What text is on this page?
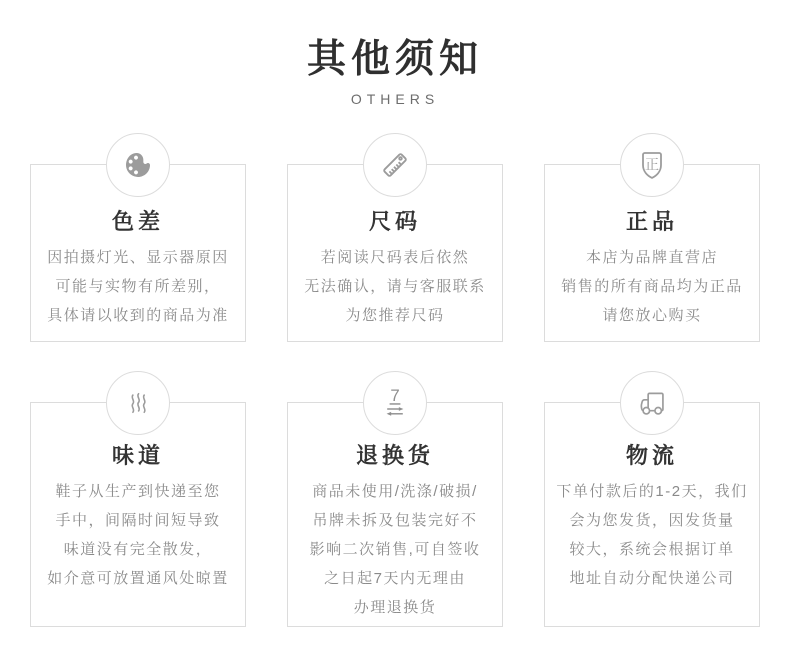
其他须知
OTHERS
色差

因拍摄灯光、显示器原因

可能与实物有所差别，

具体请以收到的商品为准

尺码

若阅读尺码表后依然

无法确认，请与客服联系

为您推荐尺码

正
正品

本店为品牌直营店

销售的所有商品均为正品

请您放心购买

味道

鞋子从生产到快递至您

手中，间隔时间短导致

味道没有完全散发，

如介意可放置通风处晾置

7
退换货

商品未使用/洗涤/破损/

吊牌未拆及包装完好不

影响二次销售,可自签收

之日起7天内无理由

办理退换货

物流

下单付款后的1-2天，我们

会为您发货，因发货量

较大，系统会根据订单

地址自动分配快递公司
